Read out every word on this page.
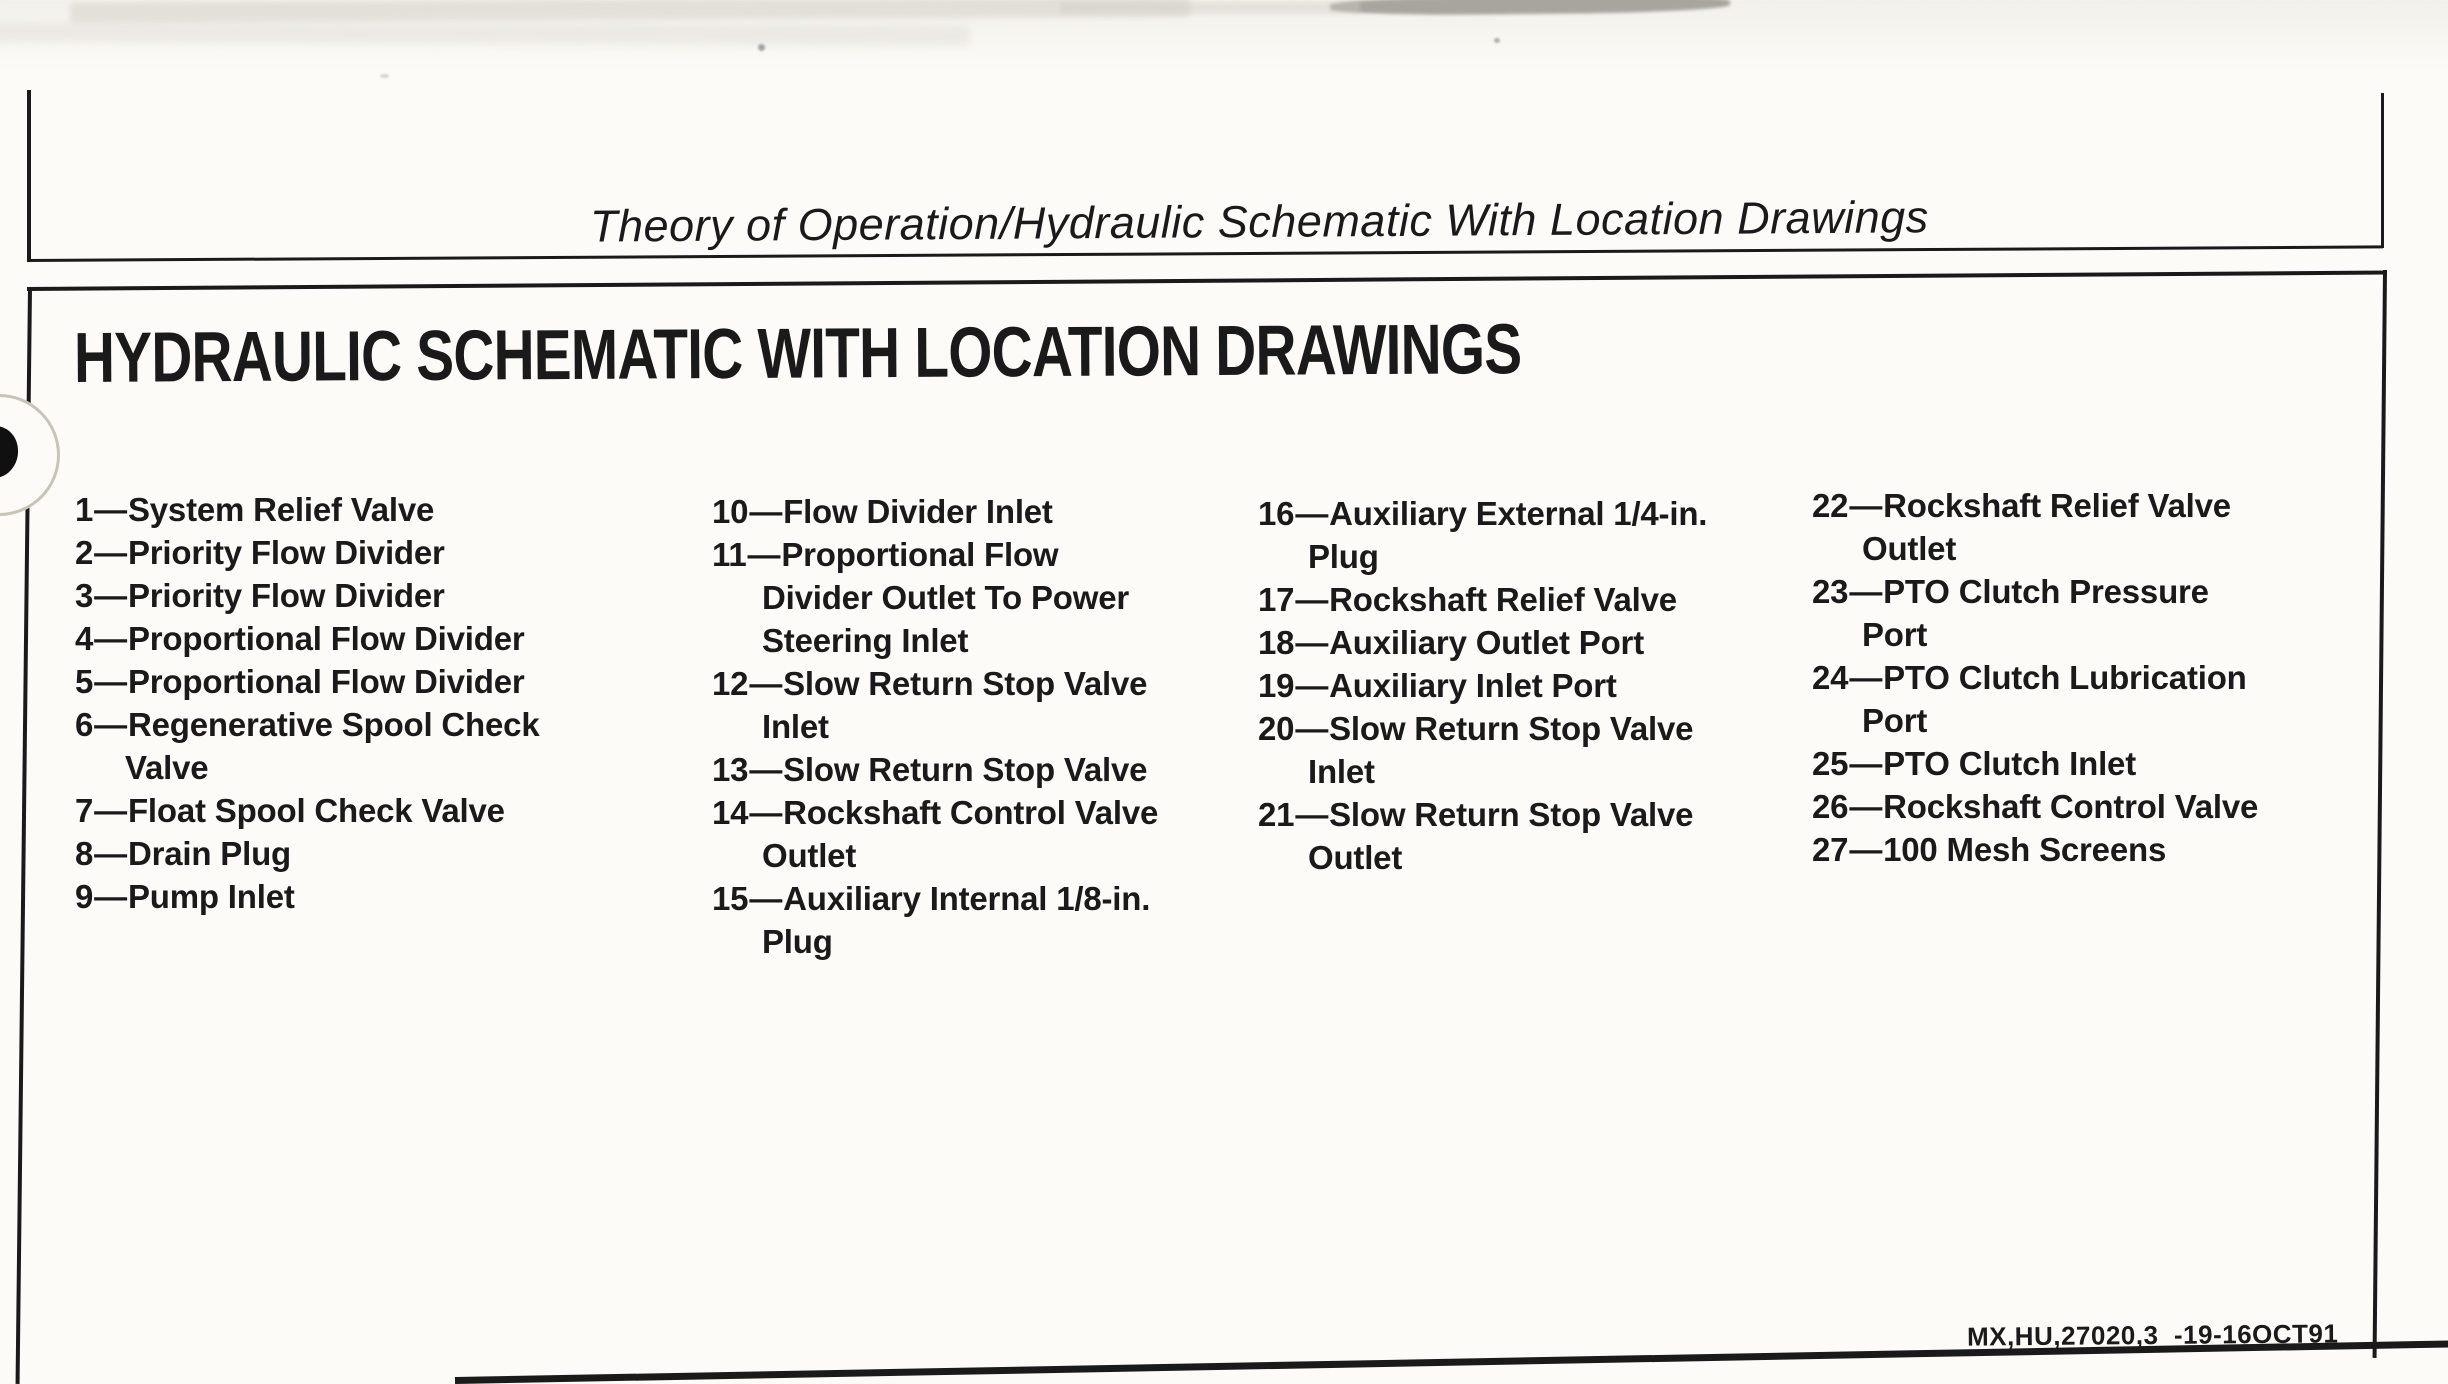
Theory of Operation/Hydraulic Schematic With Location Drawings
HYDRAULIC SCHEMATIC WITH LOCATION DRAWINGS
1—System Relief Valve
2—Priority Flow Divider
3—Priority Flow Divider
4—Proportional Flow Divider
5—Proportional Flow Divider
6—Regenerative Spool Check
Valve
7—Float Spool Check Valve
8—Drain Plug
9—Pump Inlet
10—Flow Divider Inlet
11—Proportional Flow
Divider Outlet To Power
Steering Inlet
12—Slow Return Stop Valve
Inlet
13—Slow Return Stop Valve
14—Rockshaft Control Valve
Outlet
15—Auxiliary Internal 1/8-in.
Plug
16—Auxiliary External 1/4-in.
Plug
17—Rockshaft Relief Valve
18—Auxiliary Outlet Port
19—Auxiliary Inlet Port
20—Slow Return Stop Valve
Inlet
21—Slow Return Stop Valve
Outlet
22—Rockshaft Relief Valve
Outlet
23—PTO Clutch Pressure
Port
24—PTO Clutch Lubrication
Port
25—PTO Clutch Inlet
26—Rockshaft Control Valve
27—100 Mesh Screens
MX,HU,27020,3  -19-16OCT91
